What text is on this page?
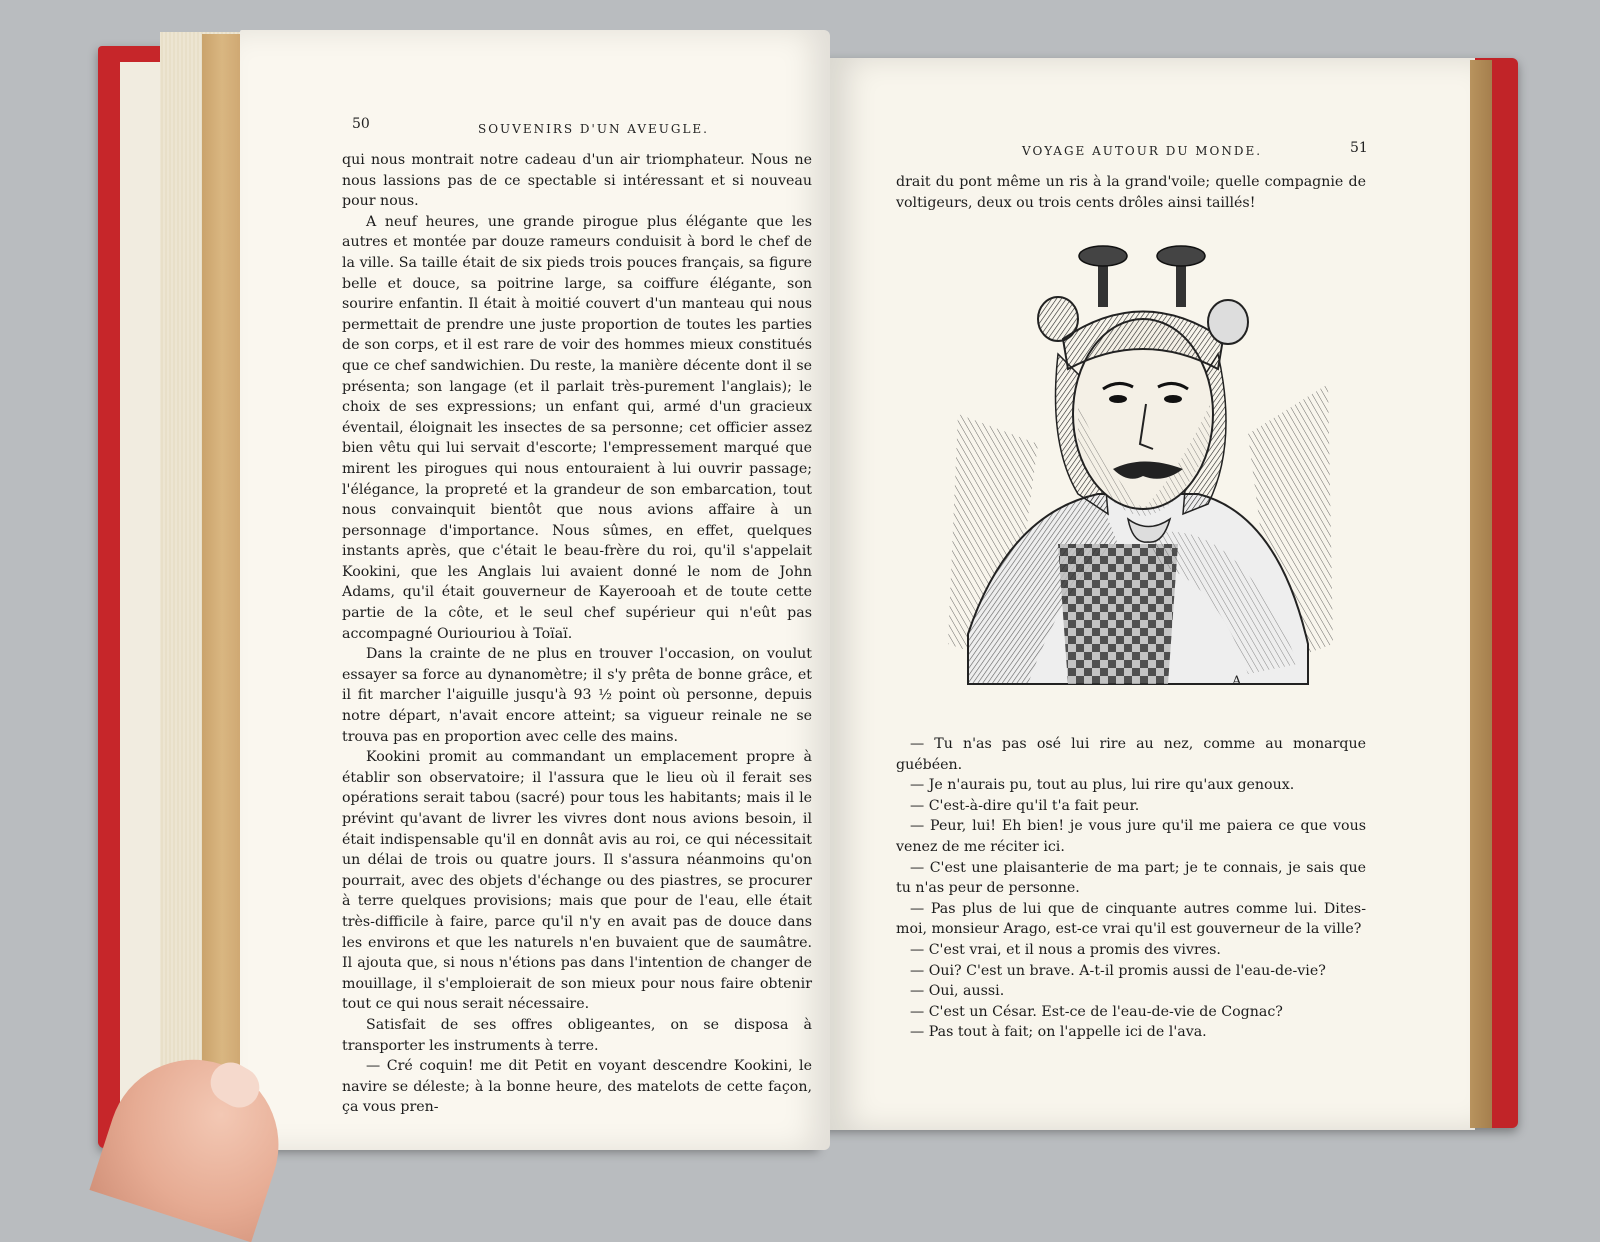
50	SOUVENIRS D'UN AVEUGLE.

qui nous montrait notre cadeau d'un air triomphateur. Nous ne nous lassions pas de ce spectable si intéressant et si nouveau pour nous.

A neuf heures, une grande pirogue plus élégante que les autres et montée par douze rameurs conduisit à bord le chef de la ville. Sa taille était de six pieds trois pouces français, sa figure belle et douce, sa poitrine large, sa coiffure élégante, son sourire enfantin. Il était à moitié couvert d'un manteau qui nous permettait de prendre une juste proportion de toutes les parties de son corps, et il est rare de voir des hommes mieux constitués que ce chef sandwichien. Du reste, la manière décente dont il se présenta; son langage (et il parlait très-purement l'anglais); le choix de ses expressions; un enfant qui, armé d'un gracieux éventail, éloignait les insectes de sa personne; cet officier assez bien vêtu qui lui servait d'escorte; l'empressement marqué que mirent les pirogues qui nous entouraient à lui ouvrir passage; l'élégance, la propreté et la grandeur de son embarcation, tout nous convainquit bientôt que nous avions affaire à un personnage d'importance. Nous sûmes, en effet, quelques instants après, que c'était le beau-frère du roi, qu'il s'appelait Kookini, que les Anglais lui avaient donné le nom de John Adams, qu'il était gouverneur de Kayerooah et de toute cette partie de la côte, et le seul chef supérieur qui n'eût pas accompagné Ouriouriou à Toïaï.

Dans la crainte de ne plus en trouver l'occasion, on voulut essayer sa force au dynanomètre; il s'y prêta de bonne grâce, et il fit marcher l'aiguille jusqu'à 93 ½ point où personne, depuis notre départ, n'avait encore atteint; sa vigueur reinale ne se trouva pas en proportion avec celle des mains.

Kookini promit au commandant un emplacement propre à établir son observatoire; il l'assura que le lieu où il ferait ses opérations serait tabou (sacré) pour tous les habitants; mais il le prévint qu'avant de livrer les vivres dont nous avions besoin, il était indispensable qu'il en donnât avis au roi, ce qui nécessitait un délai de trois ou quatre jours. Il s'assura néanmoins qu'on pourrait, avec des objets d'échange ou des piastres, se procurer à terre quelques provisions; mais que pour de l'eau, elle était très-difficile à faire, parce qu'il n'y en avait pas de douce dans les environs et que les naturels n'en buvaient que de saumâtre. Il ajouta que, si nous n'étions pas dans l'intention de changer de mouillage, il s'emploierait de son mieux pour nous faire obtenir tout ce qui nous serait nécessaire.

Satisfait de ses offres obligeantes, on se disposa à transporter les instruments à terre.

— Cré coquin! me dit Petit en voyant descendre Kookini, le navire se déleste; à la bonne heure, des matelots de cette façon, ça vous pren-

VOYAGE AUTOUR DU MONDE.	51

drait du pont même un ris à la grand'voile; quelle compagnie de voltigeurs, deux ou trois cents drôles ainsi taillés!

A

— Tu n'as pas osé lui rire au nez, comme au monarque guébéen.

— Je n'aurais pu, tout au plus, lui rire qu'aux genoux.

— C'est-à-dire qu'il t'a fait peur.

— Peur, lui! Eh bien! je vous jure qu'il me paiera ce que vous venez de me réciter ici.

— C'est une plaisanterie de ma part; je te connais, je sais que tu n'as peur de personne.

— Pas plus de lui que de cinquante autres comme lui. Dites-moi, monsieur Arago, est-ce vrai qu'il est gouverneur de la ville?

— C'est vrai, et il nous a promis des vivres.

— Oui? C'est un brave. A-t-il promis aussi de l'eau-de-vie?

— Oui, aussi.

— C'est un César. Est-ce de l'eau-de-vie de Cognac?

— Pas tout à fait; on l'appelle ici de l'ava.
